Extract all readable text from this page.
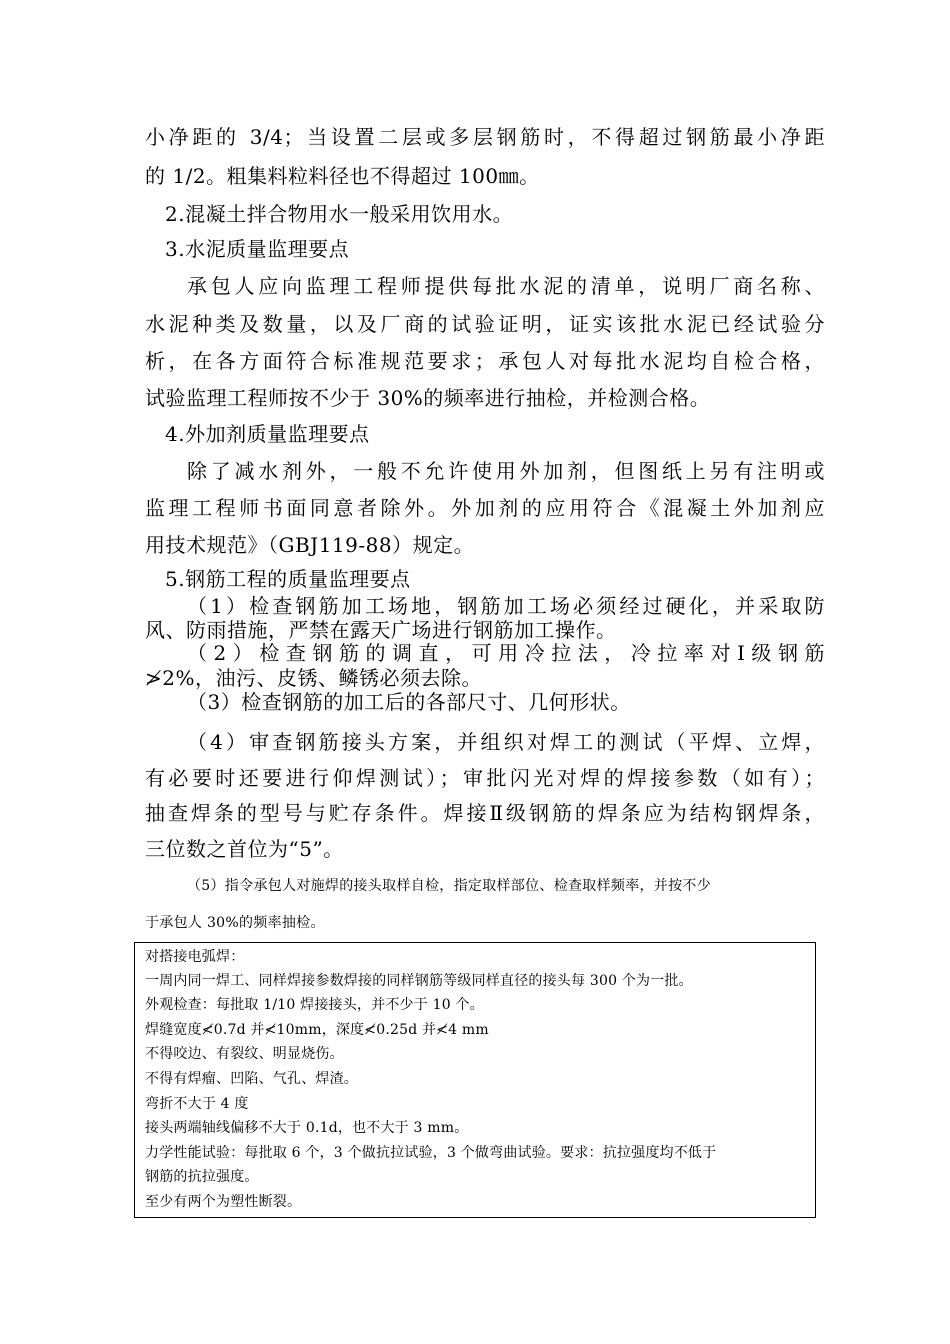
小净距的 3/4；当设置二层或多层钢筋时，不得超过钢筋最小净距
的 1/2。粗集料粒料径也不得超过 100㎜。
2.混凝土拌合物用水一般采用饮用水。
3.水泥质量监理要点
承包人应向监理工程师提供每批水泥的清单，说明厂商名称、
水泥种类及数量，以及厂商的试验证明，证实该批水泥已经试验分
析，在各方面符合标准规范要求；承包人对每批水泥均自检合格，
试验监理工程师按不少于 30%的频率进行抽检，并检测合格。
4.外加剂质量监理要点
除了减水剂外，一般不允许使用外加剂，但图纸上另有注明或
监理工程师书面同意者除外。外加剂的应用符合《混凝土外加剂应
用技术规范》（GBJ119-88）规定。
5.钢筋工程的质量监理要点
（1）检查钢筋加工场地，钢筋加工场必须经过硬化，并采取防
风、防雨措施，严禁在露天广场进行钢筋加工操作。
（2）检查钢筋的调直，可用冷拉法，冷拉率对Ⅰ级钢筋
≯2%，油污、皮锈、鳞锈必须去除。
（3）检查钢筋的加工后的各部尺寸、几何形状。
（4）审查钢筋接头方案，并组织对焊工的测试（平焊、立焊，
有必要时还要进行仰焊测试）；审批闪光对焊的焊接参数（如有）；
抽查焊条的型号与贮存条件。焊接Ⅱ级钢筋的焊条应为结构钢焊条，
三位数之首位为“5”。
（5）指令承包人对施焊的接头取样自检，指定取样部位、检查取样频率，并按不少
于承包人 30%的频率抽检。
对搭接电弧焊：
一周内同一焊工、同样焊接参数焊接的同样钢筋等级同样直径的接头每 300 个为一批。
外观检查：每批取 1/10 焊接接头，并不少于 10 个。
焊缝宽度≮0.7d 并≮10mm，深度≮0.25d 并≮4 mm
不得咬边、有裂纹、明显烧伤。
不得有焊瘤、凹陷、气孔、焊渣。
弯折不大于 4 度
接头两端轴线偏移不大于 0.1d，也不大于 3 mm。
力学性能试验：每批取 6 个，3 个做抗拉试验，3 个做弯曲试验。要求：抗拉强度均不低于
钢筋的抗拉强度。
至少有两个为塑性断裂。
